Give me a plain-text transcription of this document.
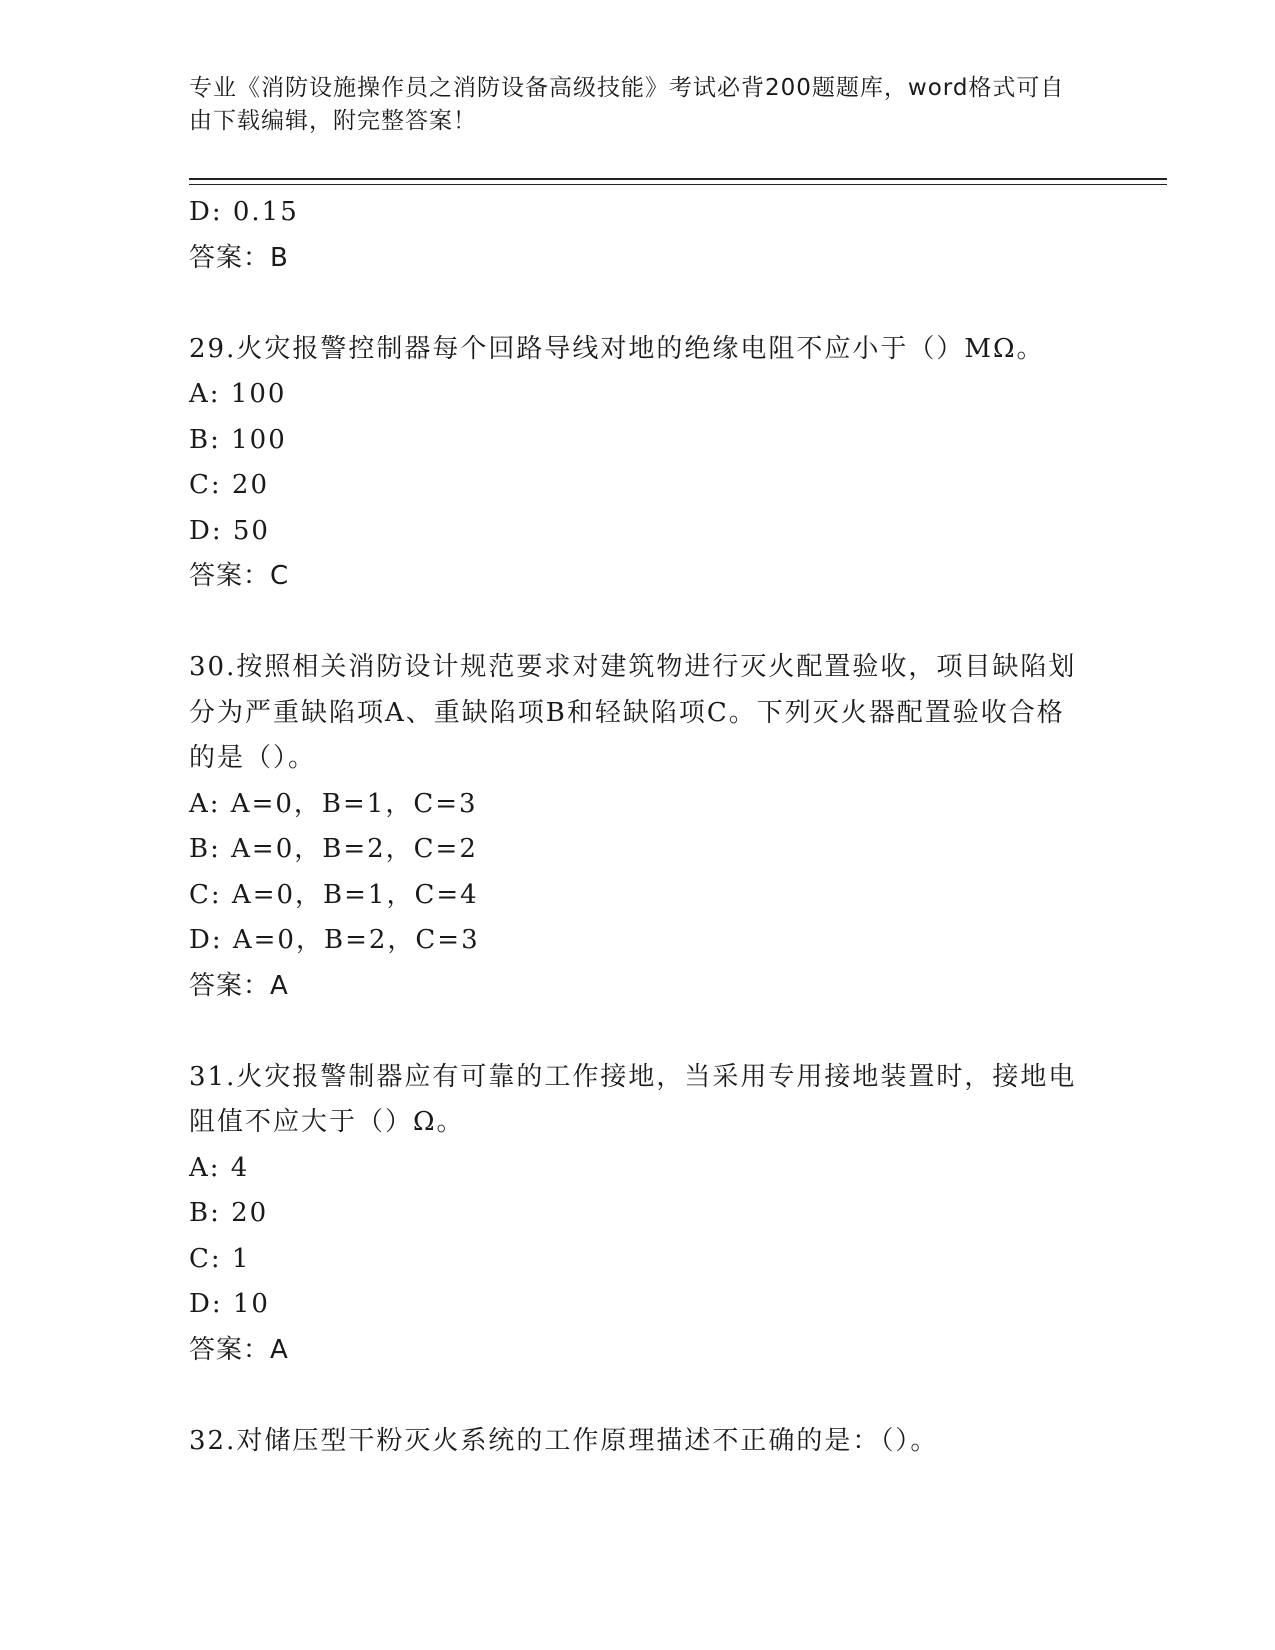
专业《消防设施操作员之消防设备高级技能》考试必背200题题库，word格式可自由下载编辑，附完整答案！
D: 0.15
答案：B
29.火灾报警控制器每个回路导线对地的绝缘电阻不应小于（）MΩ。
A: 100
B: 100
C: 20
D: 50
答案：C
30.按照相关消防设计规范要求对建筑物进行灭火配置验收，项目缺陷划分为严重缺陷项A、重缺陷项B和轻缺陷项C。下列灭火器配置验收合格的是（）。
A: A=0，B=1，C=3
B: A=0，B=2，C=2
C: A=0，B=1，C=4
D: A=0，B=2，C=3
答案：A
31.火灾报警制器应有可靠的工作接地，当采用专用接地装置时，接地电阻值不应大于（）Ω。
A: 4
B: 20
C: 1
D: 10
答案：A
32.对储压型干粉灭火系统的工作原理描述不正确的是：（）。
